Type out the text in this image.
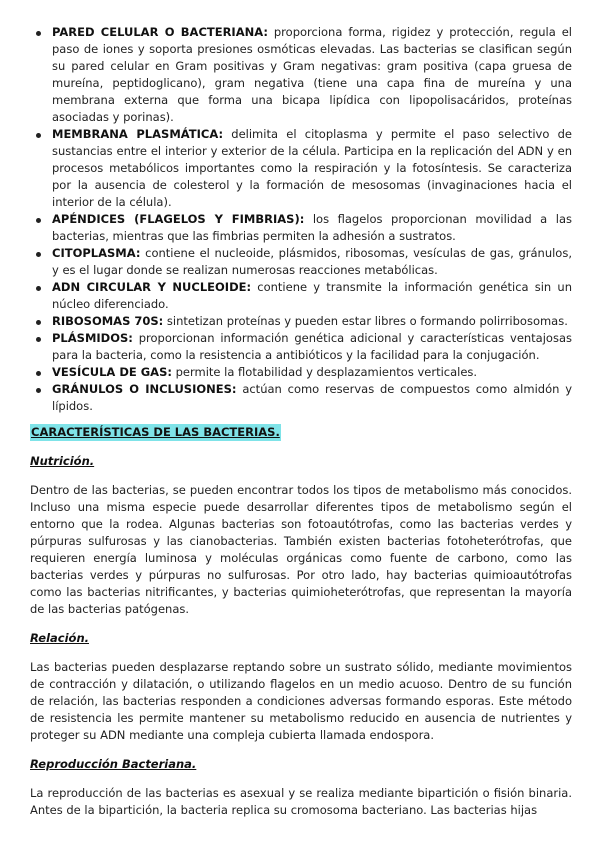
PARED CELULAR O BACTERIANA: proporciona forma, rigidez y protección, regula el paso de iones y soporta presiones osmóticas elevadas. Las bacterias se clasifican según su pared celular en Gram positivas y Gram negativas: gram positiva (capa gruesa de mureína, peptidoglicano), gram negativa (tiene una capa fina de mureína y una membrana externa que forma una bicapa lipídica con lipopolisacáridos, proteínas asociadas y porinas).
MEMBRANA PLASMÁTICA: delimita el citoplasma y permite el paso selectivo de sustancias entre el interior y exterior de la célula. Participa en la replicación del ADN y en procesos metabólicos importantes como la respiración y la fotosíntesis. Se caracteriza por la ausencia de colesterol y la formación de mesosomas (invaginaciones hacia el interior de la célula).
APÉNDICES (FLAGELOS Y FIMBRIAS): los flagelos proporcionan movilidad a las bacterias, mientras que las fimbrias permiten la adhesión a sustratos.
CITOPLASMA: contiene el nucleoide, plásmidos, ribosomas, vesículas de gas, gránulos, y es el lugar donde se realizan numerosas reacciones metabólicas.
ADN CIRCULAR Y NUCLEOIDE: contiene y transmite la información genética sin un núcleo diferenciado.
RIBOSOMAS 70S: sintetizan proteínas y pueden estar libres o formando polirribosomas.
PLÁSMIDOS: proporcionan información genética adicional y características ventajosas para la bacteria, como la resistencia a antibióticos y la facilidad para la conjugación.
VESÍCULA DE GAS: permite la flotabilidad y desplazamientos verticales.
GRÁNULOS O INCLUSIONES: actúan como reservas de compuestos como almidón y lípidos.
CARACTERÍSTICAS DE LAS BACTERIAS.
Nutrición.

Dentro de las bacterias, se pueden encontrar todos los tipos de metabolismo más conocidos. Incluso una misma especie puede desarrollar diferentes tipos de metabolismo según el entorno que la rodea. Algunas bacterias son fotoautótrofas, como las bacterias verdes y púrpuras sulfurosas y las cianobacterias. También existen bacterias fotoheterótrofas, que requieren energía luminosa y moléculas orgánicas como fuente de carbono, como las bacterias verdes y púrpuras no sulfurosas. Por otro lado, hay bacterias quimioautótrofas como las bacterias nitrificantes, y bacterias quimioheterótrofas, que representan la mayoría de las bacterias patógenas.

Relación.

Las bacterias pueden desplazarse reptando sobre un sustrato sólido, mediante movimientos de contracción y dilatación, o utilizando flagelos en un medio acuoso. Dentro de su función de relación, las bacterias responden a condiciones adversas formando esporas. Este método de resistencia les permite mantener su metabolismo reducido en ausencia de nutrientes y proteger su ADN mediante una compleja cubierta llamada endospora.

Reproducción Bacteriana.

La reproducción de las bacterias es asexual y se realiza mediante bipartición o fisión binaria. Antes de la bipartición, la bacteria replica su cromosoma bacteriano. Las bacterias hijas
